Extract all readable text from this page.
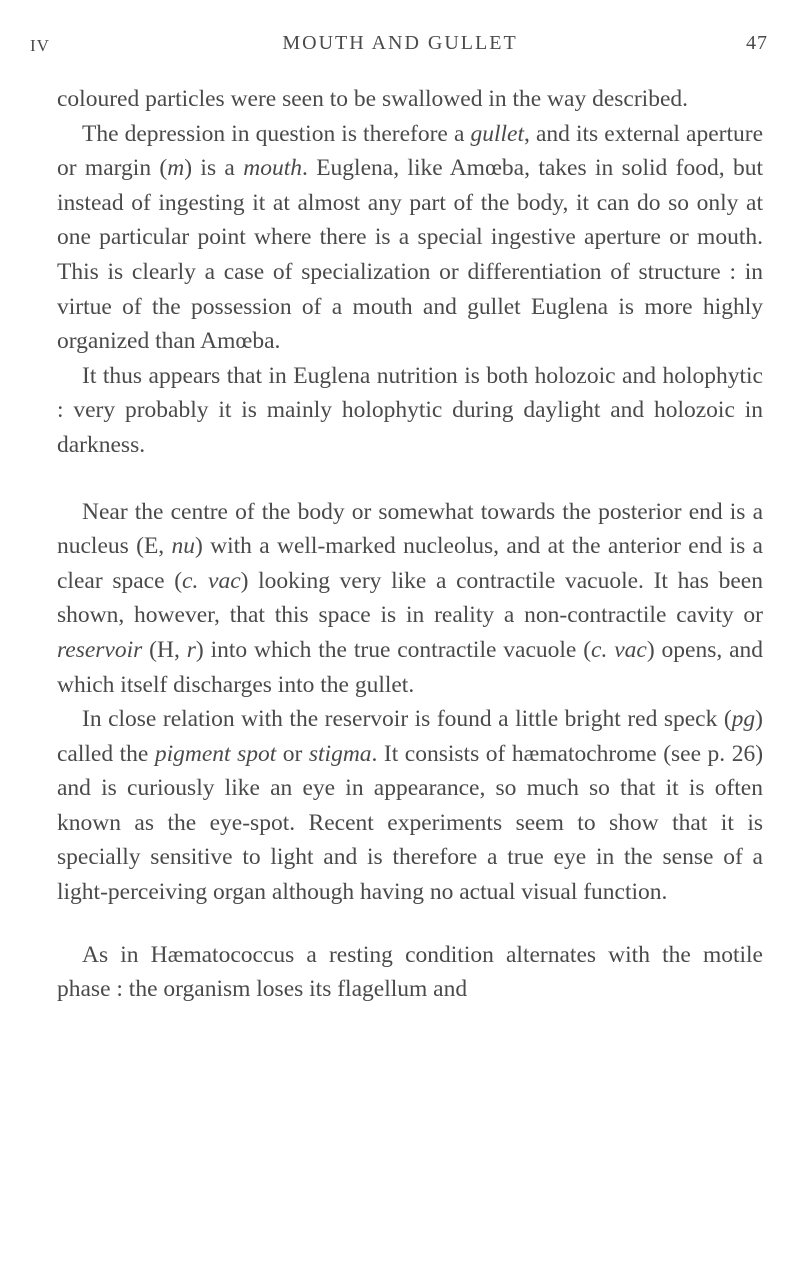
IV	MOUTH AND GULLET	47

coloured particles were seen to be swallowed in the way described.

The depression in question is therefore a gullet, and its external aperture or margin (m) is a mouth. Euglena, like Amœba, takes in solid food, but instead of ingesting it at almost any part of the body, it can do so only at one particular point where there is a special ingestive aperture or mouth. This is clearly a case of specialization or differentiation of structure : in virtue of the possession of a mouth and gullet Euglena is more highly organized than Amœba.

It thus appears that in Euglena nutrition is both holozoic and holophytic : very probably it is mainly holophytic during daylight and holozoic in darkness.

Near the centre of the body or somewhat towards the posterior end is a nucleus (E, nu) with a well-marked nucleolus, and at the anterior end is a clear space (c. vac) looking very like a contractile vacuole. It has been shown, however, that this space is in reality a non-contractile cavity or reservoir (H, r) into which the true contractile vacuole (c. vac) opens, and which itself discharges into the gullet.

In close relation with the reservoir is found a little bright red speck (pg) called the pigment spot or stigma. It consists of hæmatochrome (see p. 26) and is curiously like an eye in appearance, so much so that it is often known as the eye-spot. Recent experiments seem to show that it is specially sensitive to light and is therefore a true eye in the sense of a light-perceiving organ although having no actual visual function.

As in Hæmatococcus a resting condition alternates with the motile phase : the organism loses its flagellum and
